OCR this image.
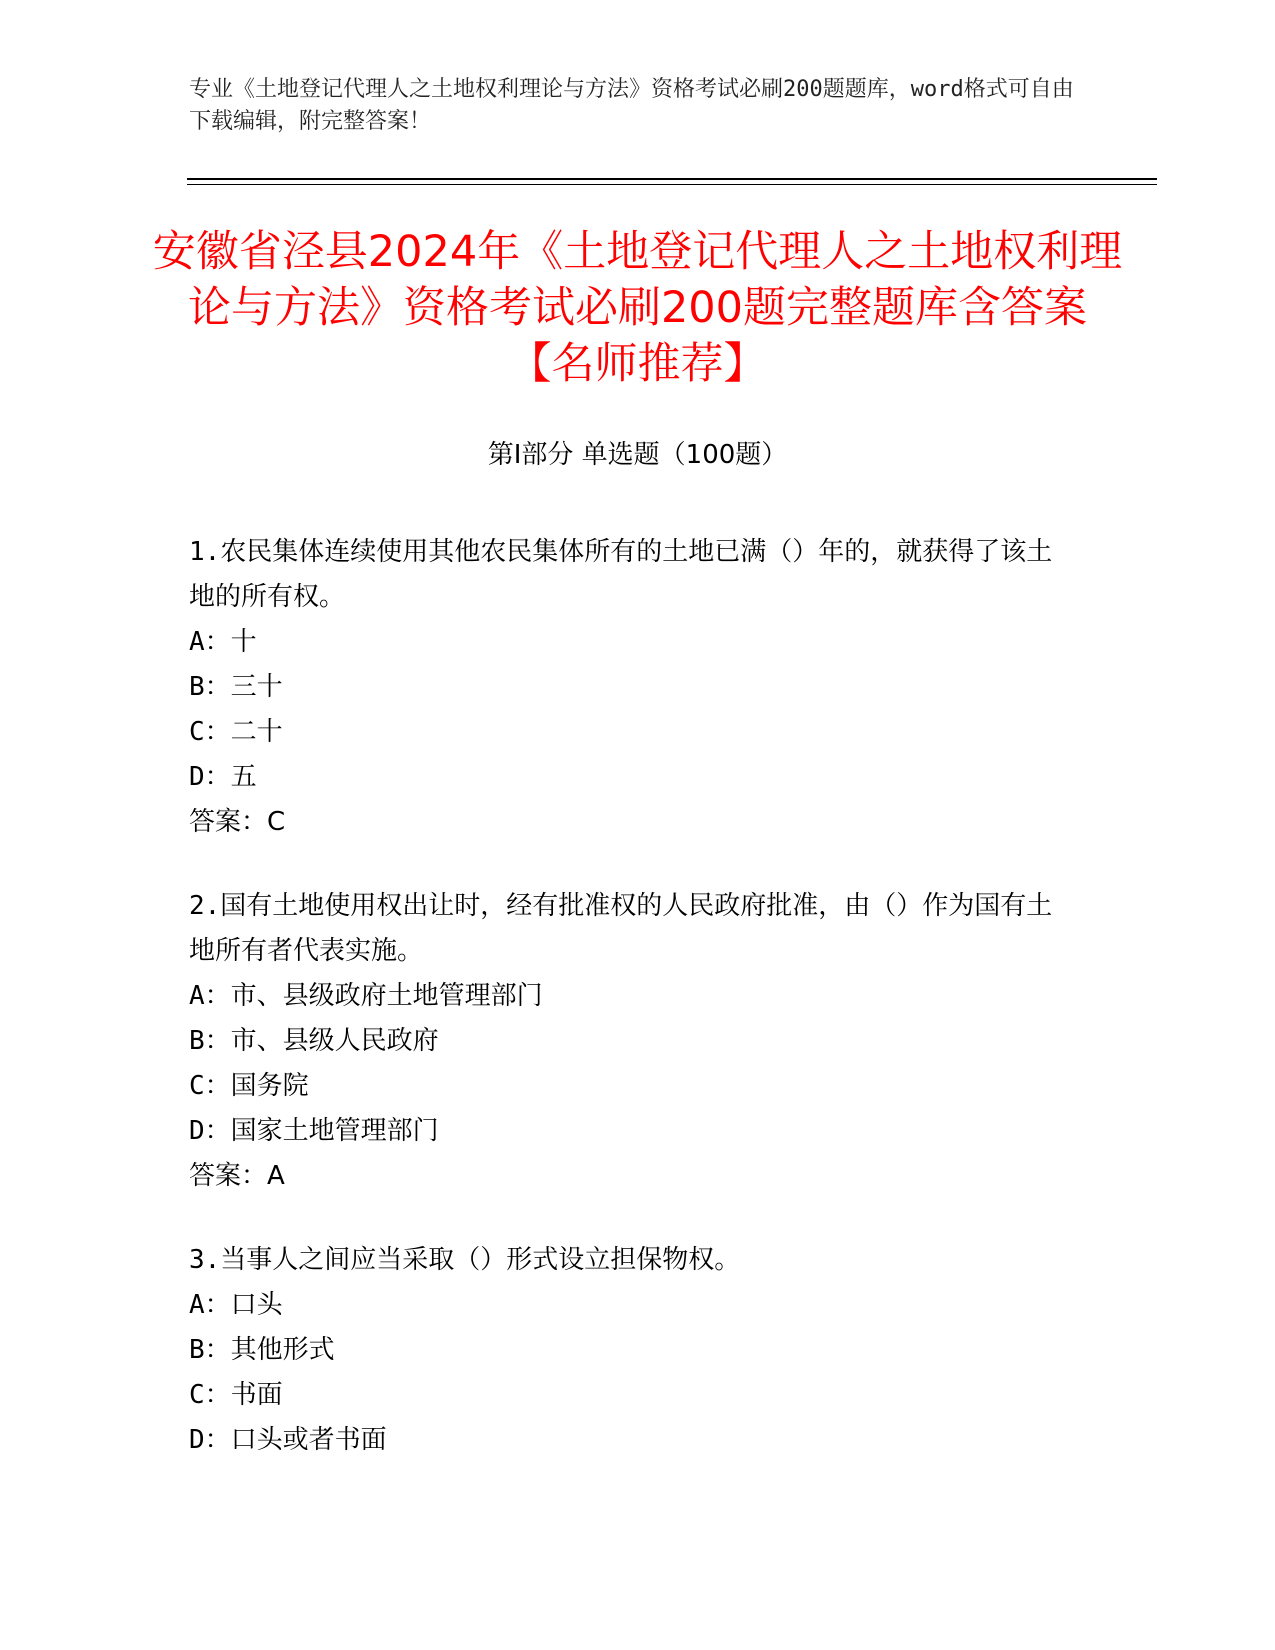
专业《土地登记代理人之土地权利理论与方法》资格考试必刷200题题库，word格式可自由下载编辑，附完整答案！
安徽省泾县2024年《土地登记代理人之土地权利理论与方法》资格考试必刷200题完整题库含答案【名师推荐】
第Ⅰ部分 单选题（100题）

1.农民集体连续使用其他农民集体所有的土地已满（）年的，就获得了该土地的所有权。

A：十

B：三十

C：二十

D：五

答案：C

2.国有土地使用权出让时，经有批准权的人民政府批准，由（）作为国有土地所有者代表实施。

A：市、县级政府土地管理部门

B：市、县级人民政府

C：国务院

D：国家土地管理部门

答案：A

3.当事人之间应当采取（）形式设立担保物权。

A：口头

B：其他形式

C：书面

D：口头或者书面
